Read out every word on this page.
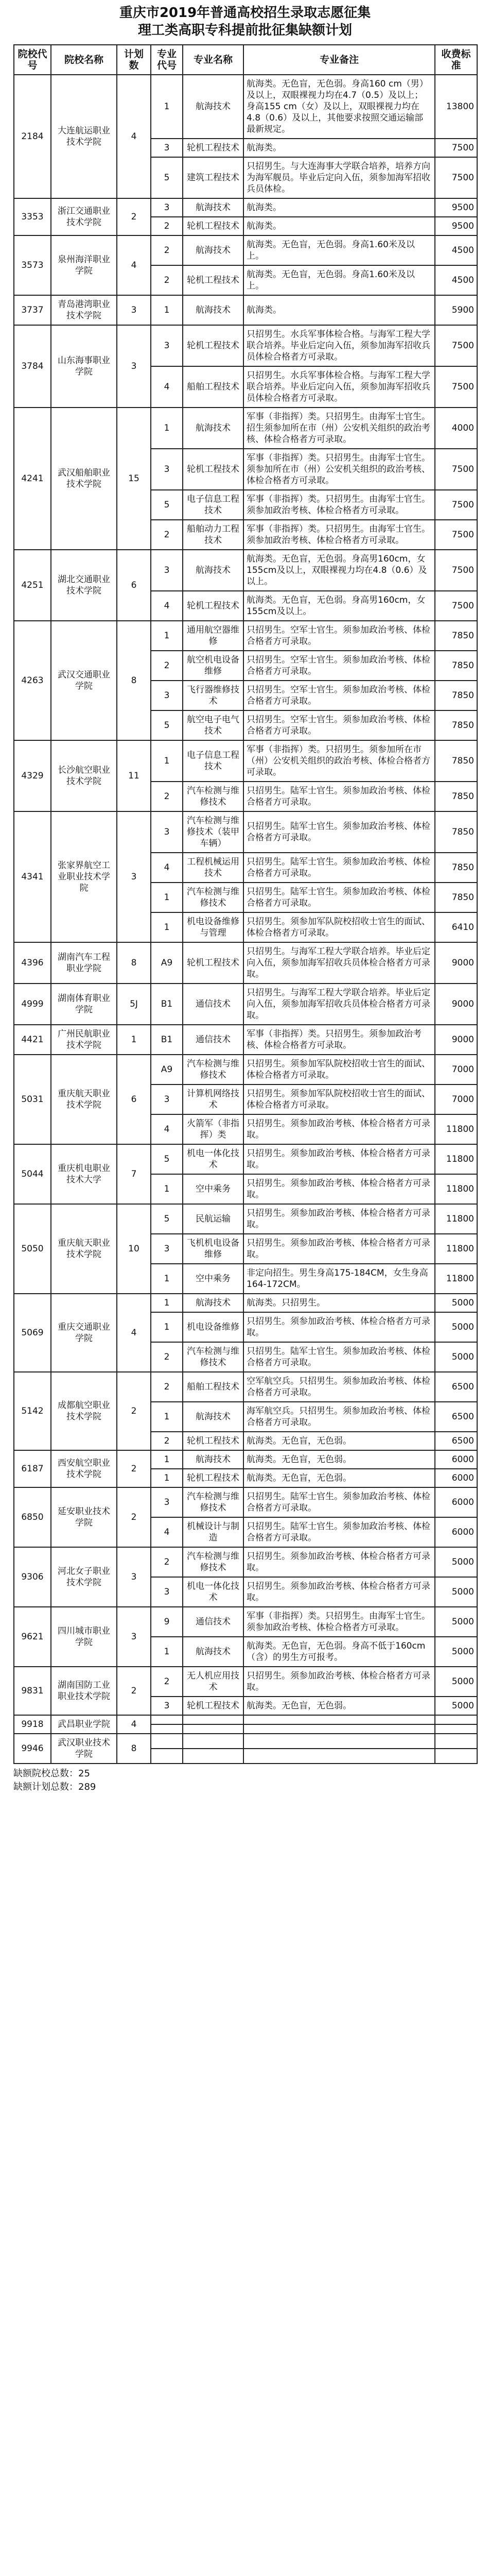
重庆市2019年普通高校招生录取志愿征集
理工类高职专科提前批征集缺额计划
院校代号	院校名称	计划数	专业代号	专业名称	专业备注	收费标准
2184	大连航运职业技术学院	4	1	航海技术	航海类。无色盲，无色弱。身高160 cm（男）及以上，双眼裸视力均在4.7（0.5）及以上；身高155 cm（女）及以上，双眼裸视力均在4.8（0.6）及以上，其他要求按照交通运输部最新规定。	13800
			3	轮机工程技术	航海类。	7500
			5	建筑工程技术	只招男生。与大连海事大学联合培养，培养方向为海军舰员。毕业后定向入伍，须参加海军招收兵员体检。	7500
3353	浙江交通职业技术学院	2	3	航海技术	航海类。	9500
			2	轮机工程技术	航海类。	9500
3573	泉州海洋职业学院	4	2	航海技术	航海类。无色盲，无色弱。身高1.60米及以上。	4500
			2	轮机工程技术	航海类。无色盲，无色弱。身高1.60米及以上。	4500
3737	青岛港湾职业技术学院	3	1	航海技术	航海类。	5900
3784	山东海事职业学院	3	3	轮机工程技术	只招男生。水兵军事体检合格。与海军工程大学联合培养。毕业后定向入伍，须参加海军招收兵员体检合格者方可录取。	7500
			4	船舶工程技术	只招男生。水兵军事体检合格。与海军工程大学联合培养。毕业后定向入伍，须参加海军招收兵员体检合格者方可录取。	7500
4241	武汉船舶职业技术学院	15	1	航海技术	军事（非指挥）类。只招男生。由海军士官生。招生须参加所在市（州）公安机关组织的政治考核、体检合格者方可录取。	4000
			3	轮机工程技术	军事（非指挥）类。只招男生。由海军士官生。须参加所在市（州）公安机关组织的政治考核、体检合格者方可录取。	7500
			5	电子信息工程技术	军事（非指挥）类。只招男生。由海军士官生。须参加政治考核、体检合格者方可录取。	7500
			2	船舶动力工程技术	军事（非指挥）类。只招男生。由海军士官生。须参加政治考核、体检合格者方可录取。	7500
4251	湖北交通职业技术学院	6	3	航海技术	航海类。无色盲，无色弱。身高男160cm，女155cm及以上，双眼裸视力均在4.8（0.6）及以上。	7500
			4	轮机工程技术	航海类。无色盲，无色弱。身高男160cm，女155cm及以上。	7500
4263	武汉交通职业学院	8	1	通用航空器维修	只招男生。空军士官生。须参加政治考核、体检合格者方可录取。	7850
			2	航空机电设备维修	只招男生。空军士官生。须参加政治考核、体检合格者方可录取。	7850
			3	飞行器维修技术	只招男生。空军士官生。须参加政治考核、体检合格者方可录取。	7850
			5	航空电子电气技术	只招男生。空军士官生。须参加政治考核、体检合格者方可录取。	7850
4329	长沙航空职业技术学院	11	1	电子信息工程技术	军事（非指挥）类。只招男生。须参加所在市（州）公安机关组织的政治考核、体检合格者方可录取。	7850
			2	汽车检测与维修技术	只招男生。陆军士官生。须参加政治考核、体检合格者方可录取。	7850
4341	张家界航空工业职业技术学院	3	3	汽车检测与维修技术（装甲车辆）	只招男生。陆军士官生。须参加政治考核、体检合格者方可录取。	7850
			4	工程机械运用技术	只招男生。陆军士官生。须参加政治考核、体检合格者方可录取。	7850
			1	汽车检测与维修技术	只招男生。陆军士官生。须参加政治考核、体检合格者方可录取。	7850
			1	机电设备维修与管理	只招男生。须参加军队院校招收士官生的面试、体检合格者方可录取。	6410
4396	湖南汽车工程职业学院	8	A9	轮机工程技术	只招男生。与海军工程大学联合培养。毕业后定向入伍，须参加海军招收兵员体检合格者方可录取。	9000
4999	湖南体育职业学院	5J	B1	通信技术	只招男生。与海军工程大学联合培养。毕业后定向入伍，须参加海军招收兵员体检合格者方可录取。	9000
4421	广州民航职业技术学院	1	B1	通信技术	军事（非指挥）类。只招男生。须参加政治考核、体检合格者方可录取。	9000
5031	重庆航天职业技术学院	6	A9	汽车检测与维修技术	只招男生。须参加军队院校招收士官生的面试、体检合格者方可录取。	7000
			3	计算机网络技术	只招男生。须参加军队院校招收士官生的面试、体检合格者方可录取。	7000
			4	火箭军（非指挥）类	只招男生。须参加政治考核、体检合格者方可录取。	11800
5044	重庆机电职业技术大学	7	5	机电一体化技术	只招男生。须参加政治考核、体检合格者方可录取。	11800
			1	空中乘务	只招男生。须参加政治考核、体检合格者方可录取。	11800
5050	重庆航天职业技术学院	10	5	民航运输	只招男生。须参加政治考核、体检合格者方可录取。	11800
			3	飞机机电设备维修	只招男生。须参加政治考核、体检合格者方可录取。	11800
			1	空中乘务	非定向招生。男生身高175-184CM，女生身高164-172CM。	11800
5069	重庆交通职业学院	4	1	航海技术	航海类。只招男生。	5000
			1	机电设备维修	只招男生。须参加政治考核、体检合格者方可录取。	5000
			2	汽车检测与维修技术	只招男生。陆军士官生。须参加政治考核、体检合格者方可录取。	5000
5142	成都航空职业技术学院	2	2	船舶工程技术	空军航空兵。只招男生。须参加政治考核、体检合格者方可录取。	6500
			1	航海技术	海军航空兵。只招男生。须参加政治考核、体检合格者方可录取。	6500
			2	轮机工程技术	航海类。无色盲，无色弱。	6500
6187	西安航空职业技术学院	2	1	航海技术	航海类。无色盲，无色弱。	6000
			1	轮机工程技术	航海类。无色盲，无色弱。	6000
6850	延安职业技术学院	2	3	汽车检测与维修技术	只招男生。陆军士官生。须参加政治考核、体检合格者方可录取。	6000
			4	机械设计与制造	只招男生。陆军士官生。须参加政治考核、体检合格者方可录取。	6000
9306	河北女子职业技术学院	3	2	汽车检测与维修技术	只招男生。须参加政治考核、体检合格者方可录取。	5000
			3	机电一体化技术	只招男生。须参加政治考核、体检合格者方可录取。	5000
9621	四川城市职业学院	3	9	通信技术	军事（非指挥）类。只招男生。由海军士官生。须参加政治考核、体检合格者方可录取。	5000
			1	航海技术	航海类。无色盲，无色弱。身高不低于160cm（含）的男生方可报考。	5000
9831	湖南国防工业职业技术学院	2	2	无人机应用技术	只招男生。须参加政治考核、体检合格者方可录取。	5000
			3	轮机工程技术	航海类。无色盲，无色弱。	5000
9918	武昌职业学院	4				

9946	武汉职业技术学院	8				

缺额院校总数：25
缺额计划总数：289
